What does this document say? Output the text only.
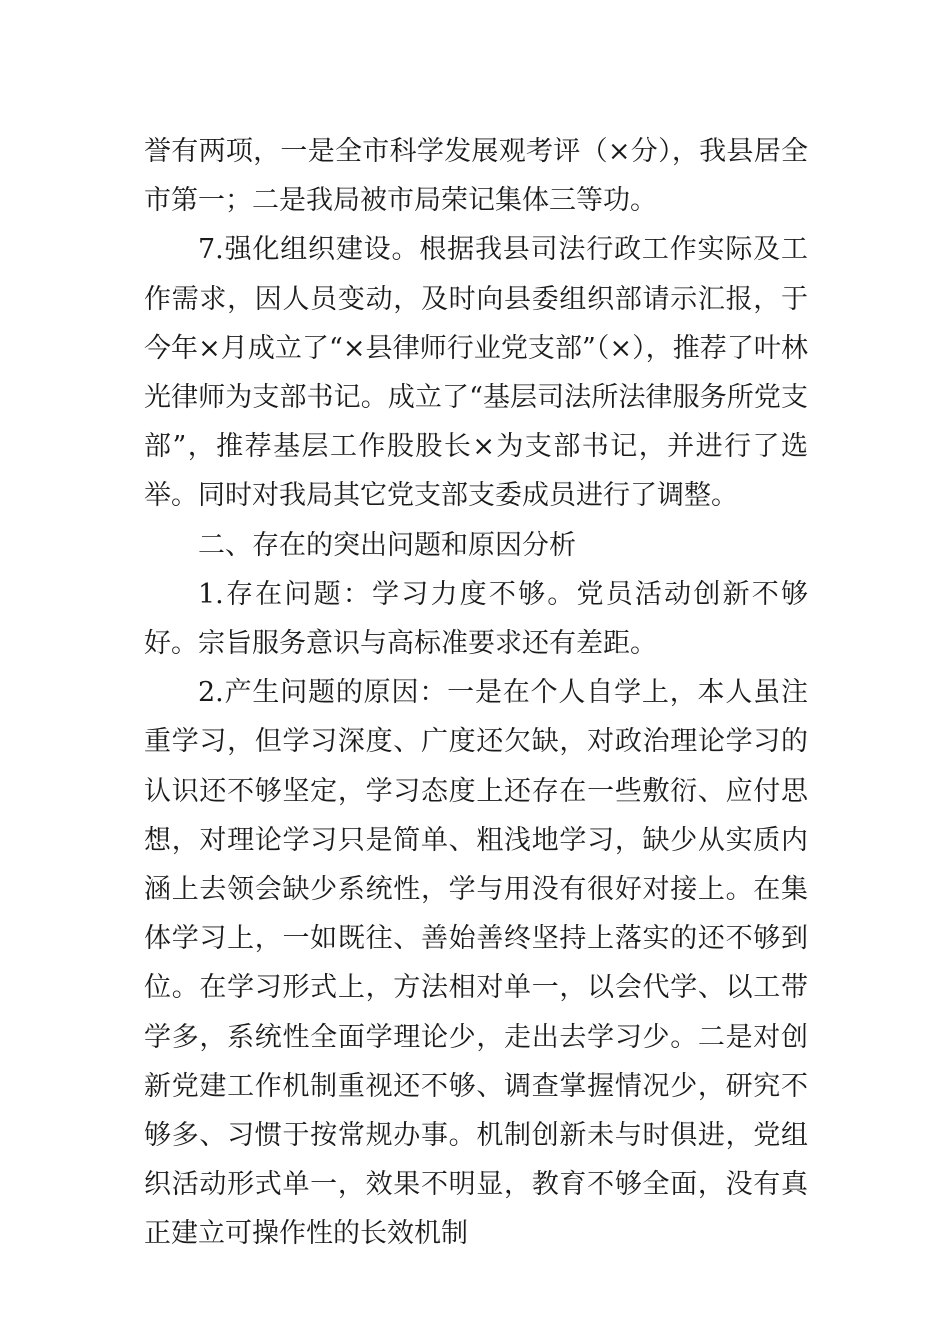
誉有两项，一是全市科学发展观考评（×分），我县居全市第一；二是我局被市局荣记集体三等功。

7.强化组织建设。根据我县司法行政工作实际及工作需求，因人员变动，及时向县委组织部请示汇报，于今年×月成立了“×县律师行业党支部”（×），推荐了叶林光律师为支部书记。成立了“基层司法所法律服务所党支部”，推荐基层工作股股长×为支部书记，并进行了选举。同时对我局其它党支部支委成员进行了调整。

二、存在的突出问题和原因分析

1.存在问题：学习力度不够。党员活动创新不够好。宗旨服务意识与高标准要求还有差距。

2.产生问题的原因：一是在个人自学上，本人虽注重学习，但学习深度、广度还欠缺，对政治理论学习的认识还不够坚定，学习态度上还存在一些敷衍、应付思想，对理论学习只是简单、粗浅地学习，缺少从实质内涵上去领会缺少系统性，学与用没有很好对接上。在集体学习上，一如既往、善始善终坚持上落实的还不够到位。在学习形式上，方法相对单一，以会代学、以工带学多，系统性全面学理论少，走出去学习少。二是对创新党建工作机制重视还不够、调查掌握情况少，研究不够多、习惯于按常规办事。机制创新未与时俱进，党组织活动形式单一，效果不明显，教育不够全面，没有真正建立可操作性的长效机制
